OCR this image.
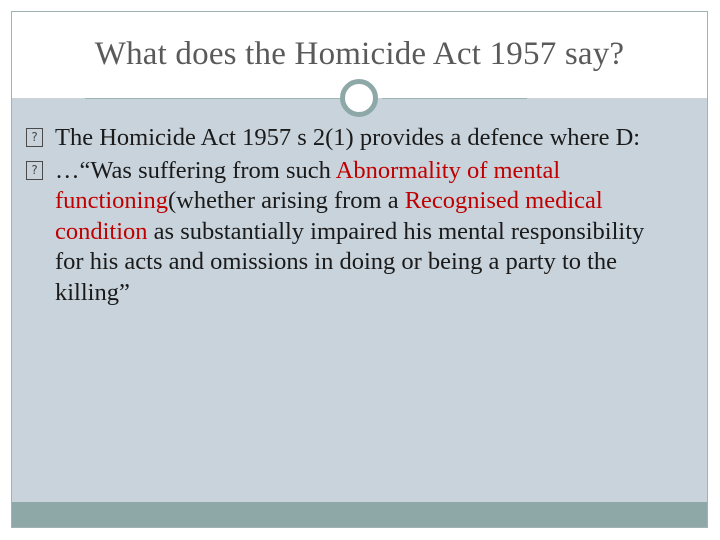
What does the Homicide Act 1957 say?
? The Homicide Act 1957 s 2(1) provides a defence where D:
? …“Was suffering from such Abnormality of mental functioning(whether arising from a Recognised medical condition as substantially impaired his mental responsibility for his acts and omissions in doing or being a party to the killing”
